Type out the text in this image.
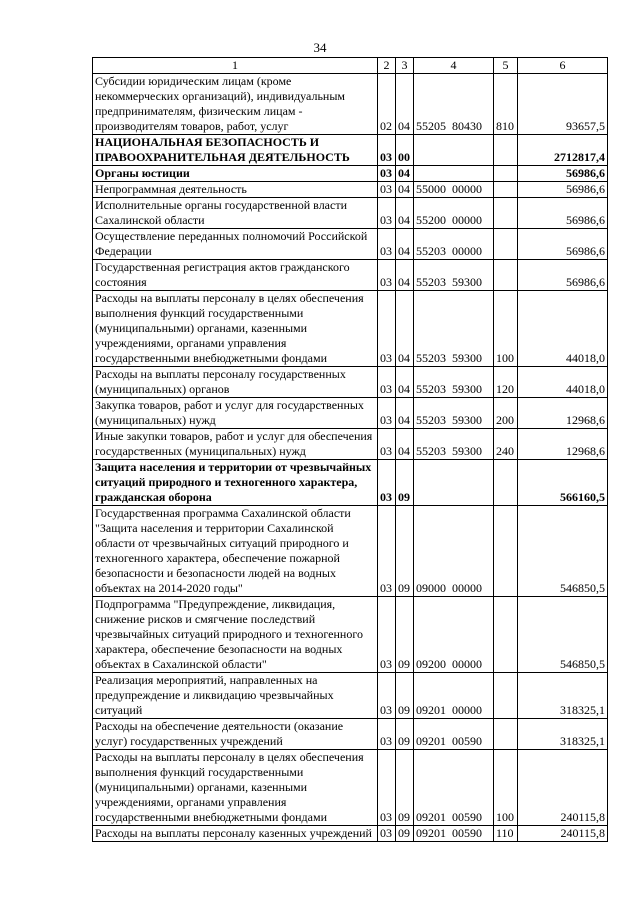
34
1	2	3	4	5	6
Субсидии юридическим лицам (кроме некоммерческих организаций), индивидуальным предпринимателям, физическим лицам - производителям товаров, работ, услуг	02	04	55205  80430	810	93657,5
НАЦИОНАЛЬНАЯ БЕЗОПАСНОСТЬ И ПРАВООХРАНИТЕЛЬНАЯ ДЕЯТЕЛЬНОСТЬ	03	00			2712817,4
Органы юстиции	03	04			56986,6
Непрограммная деятельность	03	04	55000  00000		56986,6
Исполнительные органы государственной власти Сахалинской области	03	04	55200  00000		56986,6
Осуществление переданных полномочий Российской Федерации	03	04	55203  00000		56986,6
Государственная регистрация актов гражданского состояния	03	04	55203  59300		56986,6
Расходы на выплаты персоналу в целях обеспечения выполнения функций государственными (муниципальными) органами, казенными учреждениями, органами управления государственными внебюджетными фондами	03	04	55203  59300	100	44018,0
Расходы на выплаты персоналу государственных (муниципальных) органов	03	04	55203  59300	120	44018,0
Закупка товаров, работ и услуг для государственных (муниципальных) нужд	03	04	55203  59300	200	12968,6
Иные закупки товаров, работ и услуг для обеспечения государственных (муниципальных) нужд	03	04	55203  59300	240	12968,6
Защита населения и территории от чрезвычайных ситуаций природного и техногенного характера, гражданская оборона	03	09			566160,5
Государственная программа Сахалинской области "Защита населения и территории Сахалинской области от чрезвычайных ситуаций природного и техногенного характера, обеспечение пожарной безопасности и безопасности людей на водных объектах на 2014-2020 годы"	03	09	09000  00000		546850,5
Подпрограмма "Предупреждение, ликвидация, снижение рисков и смягчение последствий чрезвычайных ситуаций природного и техногенного характера, обеспечение безопасности на водных объектах в Сахалинской области"	03	09	09200  00000		546850,5
Реализация мероприятий, направленных на предупреждение и ликвидацию чрезвычайных ситуаций	03	09	09201  00000		318325,1
Расходы на обеспечение деятельности (оказание услуг) государственных учреждений	03	09	09201  00590		318325,1
Расходы на выплаты персоналу в целях обеспечения выполнения функций государственными (муниципальными) органами, казенными учреждениями, органами управления государственными внебюджетными фондами	03	09	09201  00590	100	240115,8
Расходы на выплаты персоналу казенных учреждений	03	09	09201  00590	110	240115,8
